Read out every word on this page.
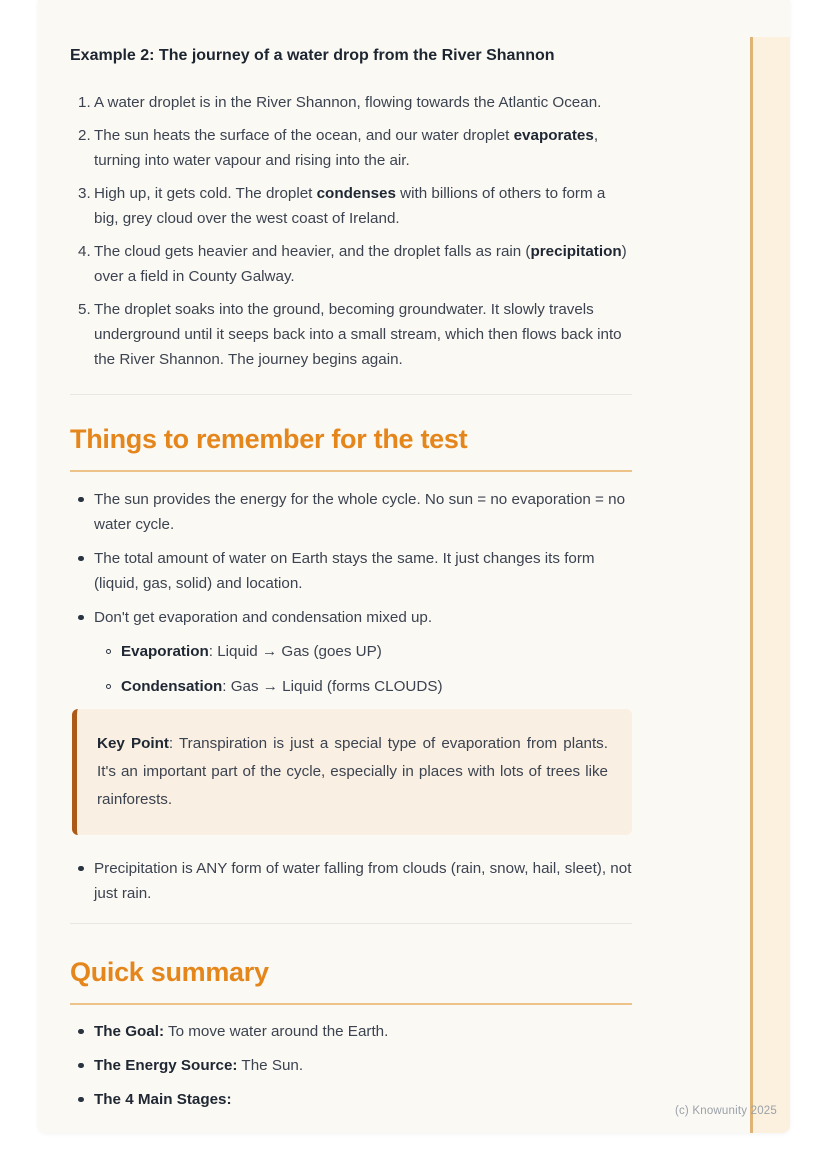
Example 2: The journey of a water drop from the River Shannon
1. A water droplet is in the River Shannon, flowing towards the Atlantic Ocean.
2. The sun heats the surface of the ocean, and our water droplet evaporates, turning into water vapour and rising into the air.
3. High up, it gets cold. The droplet condenses with billions of others to form a big, grey cloud over the west coast of Ireland.
4. The cloud gets heavier and heavier, and the droplet falls as rain (precipitation) over a field in County Galway.
5. The droplet soaks into the ground, becoming groundwater. It slowly travels underground until it seeps back into a small stream, which then flows back into the River Shannon. The journey begins again.
Things to remember for the test
The sun provides the energy for the whole cycle. No sun = no evaporation = no water cycle.
The total amount of water on Earth stays the same. It just changes its form (liquid, gas, solid) and location.
Don't get evaporation and condensation mixed up.
Evaporation: Liquid → Gas (goes UP)
Condensation: Gas → Liquid (forms CLOUDS)
Key Point: Transpiration is just a special type of evaporation from plants. It's an important part of the cycle, especially in places with lots of trees like rainforests.
Precipitation is ANY form of water falling from clouds (rain, snow, hail, sleet), not just rain.
Quick summary
The Goal: To move water around the Earth.
The Energy Source: The Sun.
The 4 Main Stages:
(c) Knowunity 2025
